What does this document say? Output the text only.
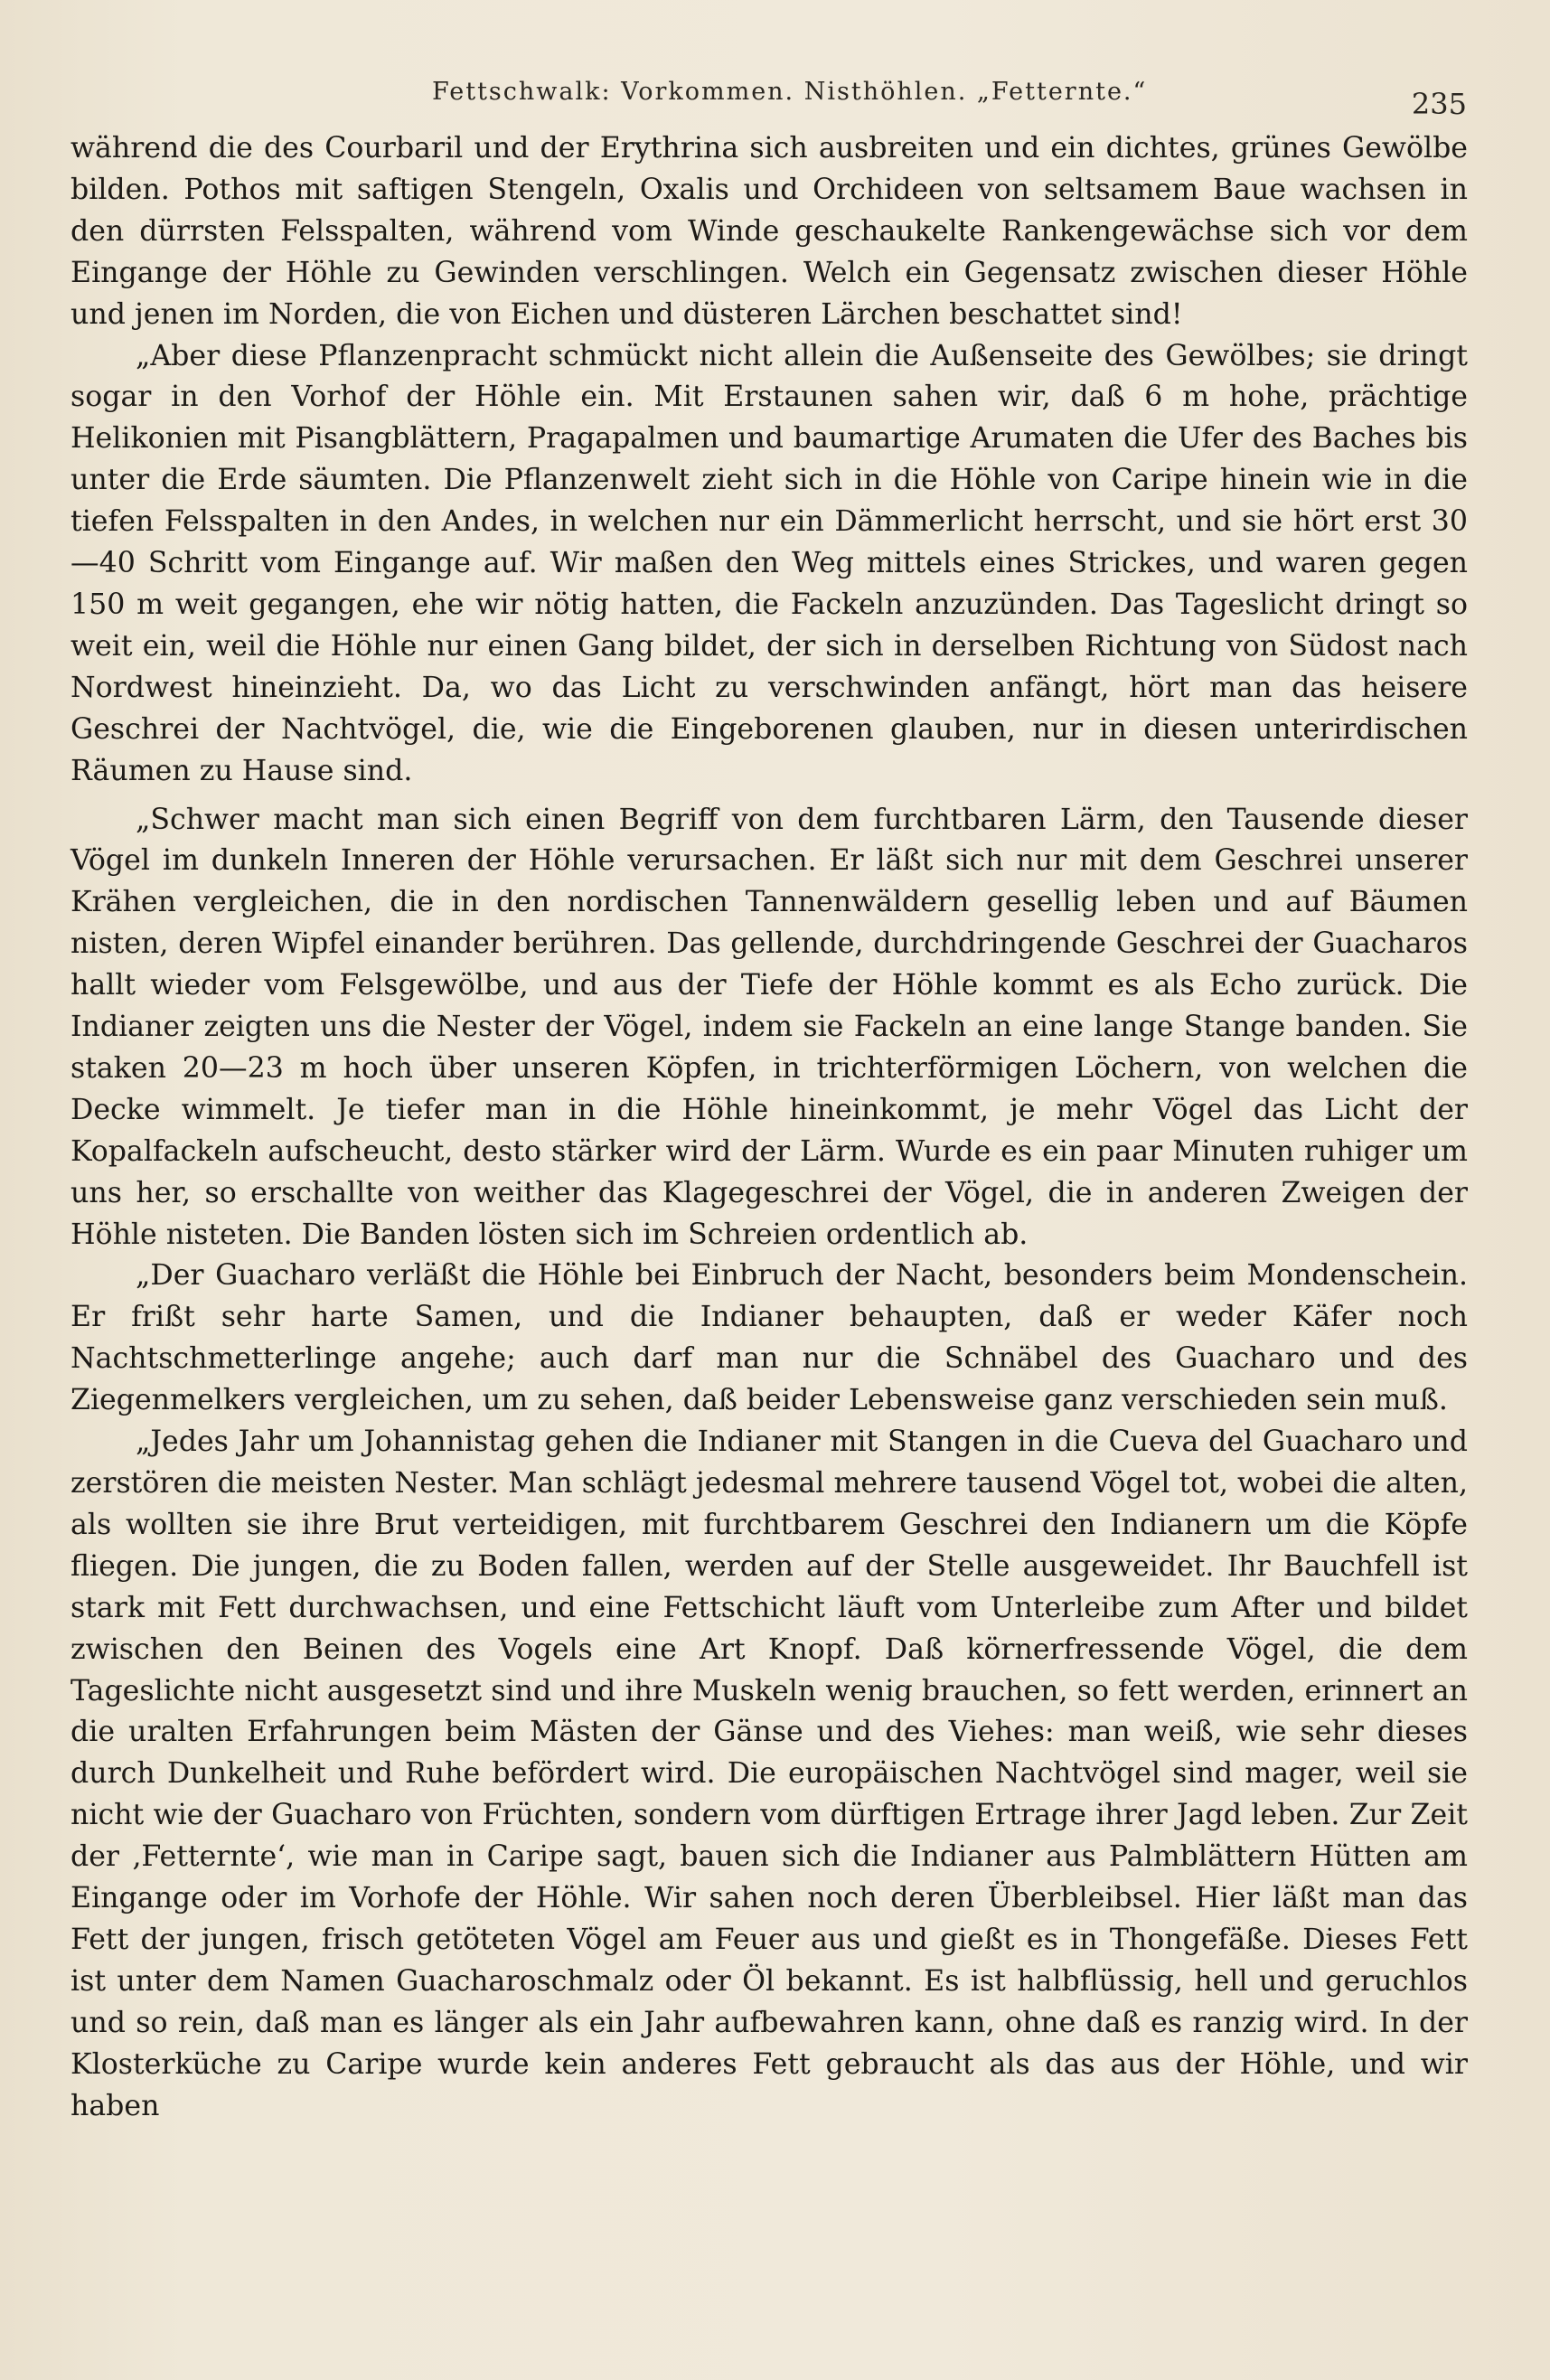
Fettschwalk: Vorkommen. Nisthöhlen. „Fetternte.“	235

während die des Courbaril und der Erythrina sich ausbreiten und ein dichtes, grünes Gewölbe bilden. Pothos mit saftigen Stengeln, Oxalis und Orchideen von seltsamem Baue wachsen in den dürrsten Felsspalten, während vom Winde geschaukelte Rankengewächse sich vor dem Eingange der Höhle zu Gewinden verschlingen. Welch ein Gegensatz zwischen dieser Höhle und jenen im Norden, die von Eichen und düsteren Lärchen beschattet sind!

„Aber diese Pflanzenpracht schmückt nicht allein die Außenseite des Gewölbes; sie dringt sogar in den Vorhof der Höhle ein. Mit Erstaunen sahen wir, daß 6 m hohe, prächtige Helikonien mit Pisangblättern, Pragapalmen und baumartige Arumaten die Ufer des Baches bis unter die Erde säumten. Die Pflanzenwelt zieht sich in die Höhle von Caripe hinein wie in die tiefen Felsspalten in den Andes, in welchen nur ein Dämmerlicht herrscht, und sie hört erst 30—40 Schritt vom Eingange auf. Wir maßen den Weg mittels eines Strickes, und waren gegen 150 m weit gegangen, ehe wir nötig hatten, die Fackeln anzuzünden. Das Tageslicht dringt so weit ein, weil die Höhle nur einen Gang bildet, der sich in derselben Richtung von Südost nach Nordwest hineinzieht. Da, wo das Licht zu verschwinden anfängt, hört man das heisere Geschrei der Nachtvögel, die, wie die Eingeborenen glauben, nur in diesen unterirdischen Räumen zu Hause sind.

„Schwer macht man sich einen Begriff von dem furchtbaren Lärm, den Tausende dieser Vögel im dunkeln Inneren der Höhle verursachen. Er läßt sich nur mit dem Geschrei unserer Krähen vergleichen, die in den nordischen Tannenwäldern gesellig leben und auf Bäumen nisten, deren Wipfel einander berühren. Das gellende, durchdringende Geschrei der Guacharos hallt wieder vom Felsgewölbe, und aus der Tiefe der Höhle kommt es als Echo zurück. Die Indianer zeigten uns die Nester der Vögel, indem sie Fackeln an eine lange Stange banden. Sie staken 20—23 m hoch über unseren Köpfen, in trichterförmigen Löchern, von welchen die Decke wimmelt. Je tiefer man in die Höhle hineinkommt, je mehr Vögel das Licht der Kopalfackeln aufscheucht, desto stärker wird der Lärm. Wurde es ein paar Minuten ruhiger um uns her, so erschallte von weither das Klagegeschrei der Vögel, die in anderen Zweigen der Höhle nisteten. Die Banden lösten sich im Schreien ordentlich ab.

„Der Guacharo verläßt die Höhle bei Einbruch der Nacht, besonders beim Mondenschein. Er frißt sehr harte Samen, und die Indianer behaupten, daß er weder Käfer noch Nachtschmetterlinge angehe; auch darf man nur die Schnäbel des Guacharo und des Ziegenmelkers vergleichen, um zu sehen, daß beider Lebensweise ganz verschieden sein muß.

„Jedes Jahr um Johannistag gehen die Indianer mit Stangen in die Cueva del Guacharo und zerstören die meisten Nester. Man schlägt jedesmal mehrere tausend Vögel tot, wobei die alten, als wollten sie ihre Brut verteidigen, mit furchtbarem Geschrei den Indianern um die Köpfe fliegen. Die jungen, die zu Boden fallen, werden auf der Stelle ausgeweidet. Ihr Bauchfell ist stark mit Fett durchwachsen, und eine Fettschicht läuft vom Unterleibe zum After und bildet zwischen den Beinen des Vogels eine Art Knopf. Daß körnerfressende Vögel, die dem Tageslichte nicht ausgesetzt sind und ihre Muskeln wenig brauchen, so fett werden, erinnert an die uralten Erfahrungen beim Mästen der Gänse und des Viehes: man weiß, wie sehr dieses durch Dunkelheit und Ruhe befördert wird. Die europäischen Nachtvögel sind mager, weil sie nicht wie der Guacharo von Früchten, sondern vom dürftigen Ertrage ihrer Jagd leben. Zur Zeit der ‚Fetternte‘, wie man in Caripe sagt, bauen sich die Indianer aus Palmblättern Hütten am Eingange oder im Vorhofe der Höhle. Wir sahen noch deren Überbleibsel. Hier läßt man das Fett der jungen, frisch getöteten Vögel am Feuer aus und gießt es in Thongefäße. Dieses Fett ist unter dem Namen Guacharoschmalz oder Öl bekannt. Es ist halbflüssig, hell und geruchlos und so rein, daß man es länger als ein Jahr aufbewahren kann, ohne daß es ranzig wird. In der Klosterküche zu Caripe wurde kein anderes Fett gebraucht als das aus der Höhle, und wir haben
